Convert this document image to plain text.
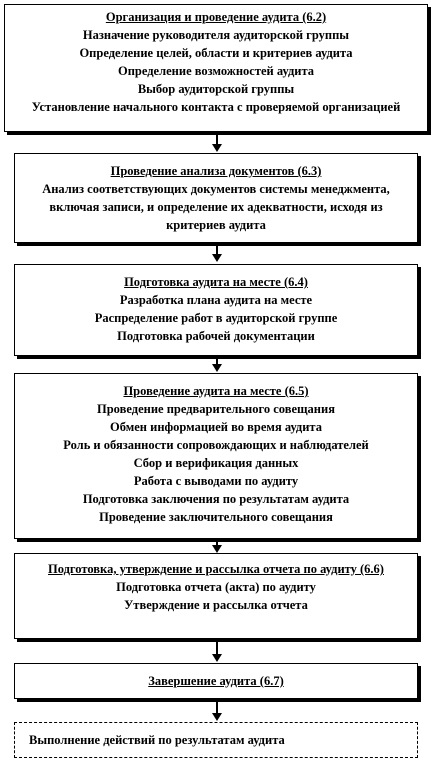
Организация и проведение аудита (6.2)
Назначение руководителя аудиторской группы
Определение целей, области и критериев аудита
Определение возможностей аудита
Выбор аудиторской группы
Установление начального контакта с проверяемой организацией
Проведение анализа документов (6.3)
Анализ соответствующих документов системы менеджмента, включая записи, и определение их адекватности, исходя из критериев аудита
Подготовка аудита на месте (6.4)
Разработка плана аудита на месте
Распределение работ в аудиторской группе
Подготовка рабочей документации
Проведение аудита на месте (6.5)
Проведение предварительного совещания
Обмен информацией во время аудита
Роль и обязанности сопровождающих и наблюдателей
Сбор и верификация данных
Работа с выводами по аудиту
Подготовка заключения по результатам аудита
Проведение заключительного совещания
Подготовка, утверждение и рассылка отчета по аудиту (6.6)
Подготовка отчета (акта) по аудиту
Утверждение и рассылка отчета
Завершение аудита (6.7)
Выполнение действий по результатам аудита
